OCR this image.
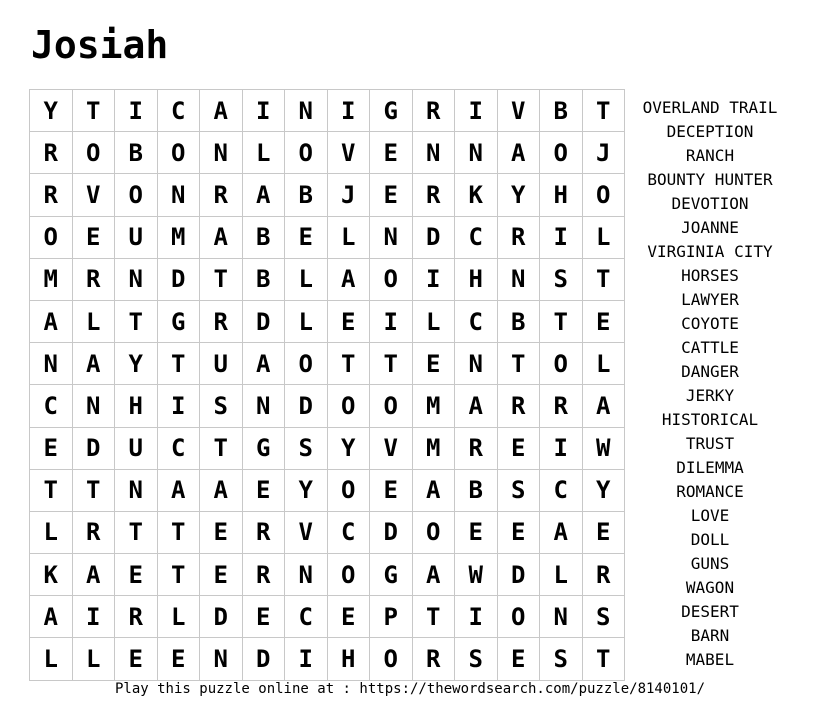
Josiah
Y	T	I	C	A	I	N	I	G	R	I	V	B	T
R	O	B	O	N	L	O	V	E	N	N	A	O	J
R	V	O	N	R	A	B	J	E	R	K	Y	H	O
O	E	U	M	A	B	E	L	N	D	C	R	I	L
M	R	N	D	T	B	L	A	O	I	H	N	S	T
A	L	T	G	R	D	L	E	I	L	C	B	T	E
N	A	Y	T	U	A	O	T	T	E	N	T	O	L
C	N	H	I	S	N	D	O	O	M	A	R	R	A
E	D	U	C	T	G	S	Y	V	M	R	E	I	W
T	T	N	A	A	E	Y	O	E	A	B	S	C	Y
L	R	T	T	E	R	V	C	D	O	E	E	A	E
K	A	E	T	E	R	N	O	G	A	W	D	L	R
A	I	R	L	D	E	C	E	P	T	I	O	N	S
L	L	E	E	N	D	I	H	O	R	S	E	S	T
OVERLAND TRAIL
DECEPTION
RANCH
BOUNTY HUNTER
DEVOTION
JOANNE
VIRGINIA CITY
HORSES
LAWYER
COYOTE
CATTLE
DANGER
JERKY
HISTORICAL
TRUST
DILEMMA
ROMANCE
LOVE
DOLL
GUNS
WAGON
DESERT
BARN
MABEL
Play this puzzle online at : https://thewordsearch.com/puzzle/8140101/
